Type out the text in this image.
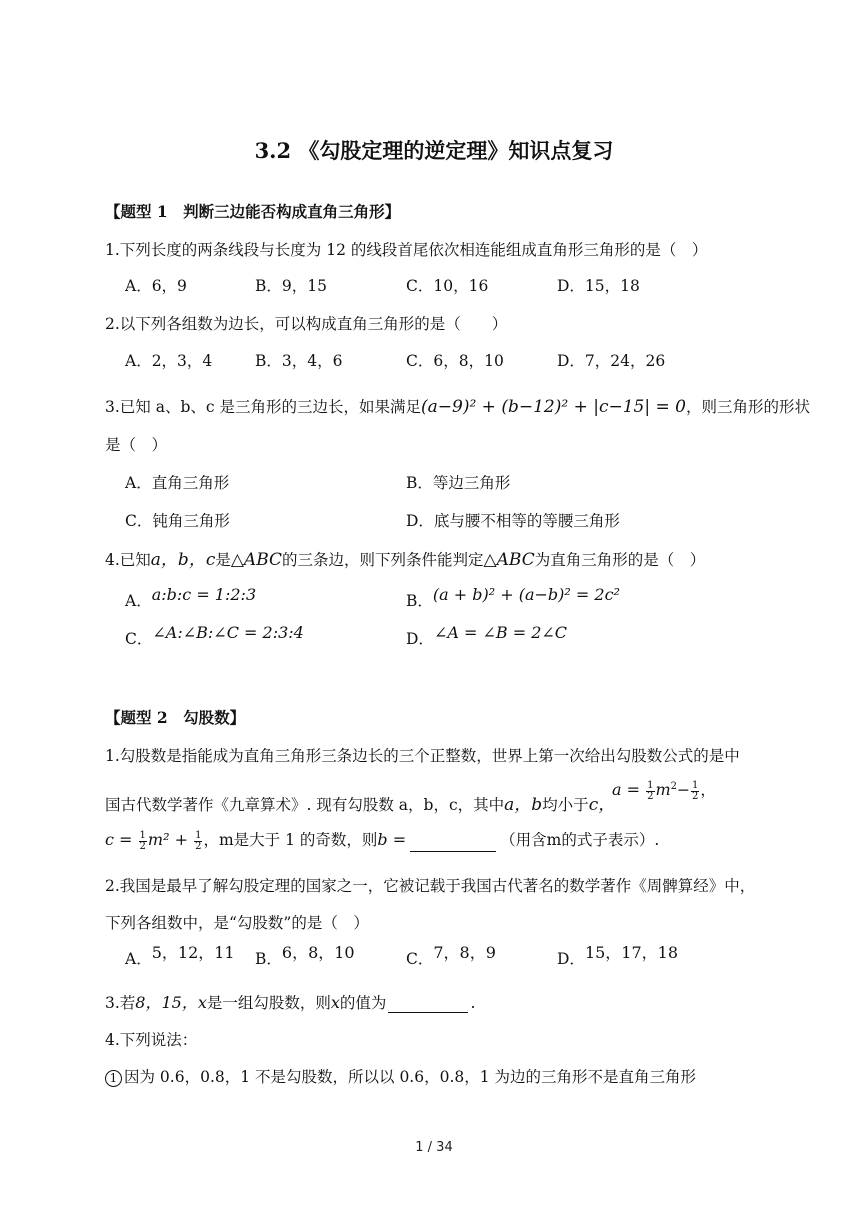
3.2 《勾股定理的逆定理》知识点复习
【题型 1　判断三边能否构成直角三角形】
1.下列长度的两条线段与长度为 12 的线段首尾依次相连能组成直角形三角形的是（　）
A．6，9	B．9，15	C．10，16	D．15，18
2.以下列各组数为边长，可以构成直角三角形的是（　　）
A．2，3，4	B．3，4，6	C．6，8，10	D．7，24，26
3.已知 a、b、c 是三角形的三边长，如果满足(a−9)² + (b−12)² + |c−15| = 0，则三角形的形状
是（　）
A．直角三角形	B．等边三角形
C．钝角三角形	D．底与腰不相等的等腰三角形
4.已知a，b，c是△ABC的三条边，则下列条件能判定△ABC为直角三角形的是（　）
A．a:b:c = 1:2:3	B．(a + b)² + (a−b)² = 2c²
C．∠A:∠B:∠C = 2:3:4	D．∠A = ∠B = 2∠C
【题型 2　勾股数】
1.勾股数是指能成为直角三角形三条边长的三个正整数，世界上第一次给出勾股数公式的是中
国古代数学著作《九章算术》. 现有勾股数 a，b，c，其中a，b均小于c，
$a = \frac{1}{2} m^2- \frac{1}{2}$ ，
$c = \frac{1}{2} m^2 + \frac{1}{2}$ ，m是大于 1 的奇数，则b =	（用含m的式子表示）.
2.我国是最早了解勾股定理的国家之一，它被记载于我国古代著名的数学著作《周髀算经》中，
下列各组数中，是“勾股数”的是（　）
A．5，12，11 B．6，8，10	C．7，8，9	D．15，17，18
3.若8，15，x是一组勾股数，则x的值为	.
4.下列说法：
1 因为 0.6，0.8，1 不是勾股数，所以以 0.6，0.8，1 为边的三角形不是直角三角形
1 / 34
